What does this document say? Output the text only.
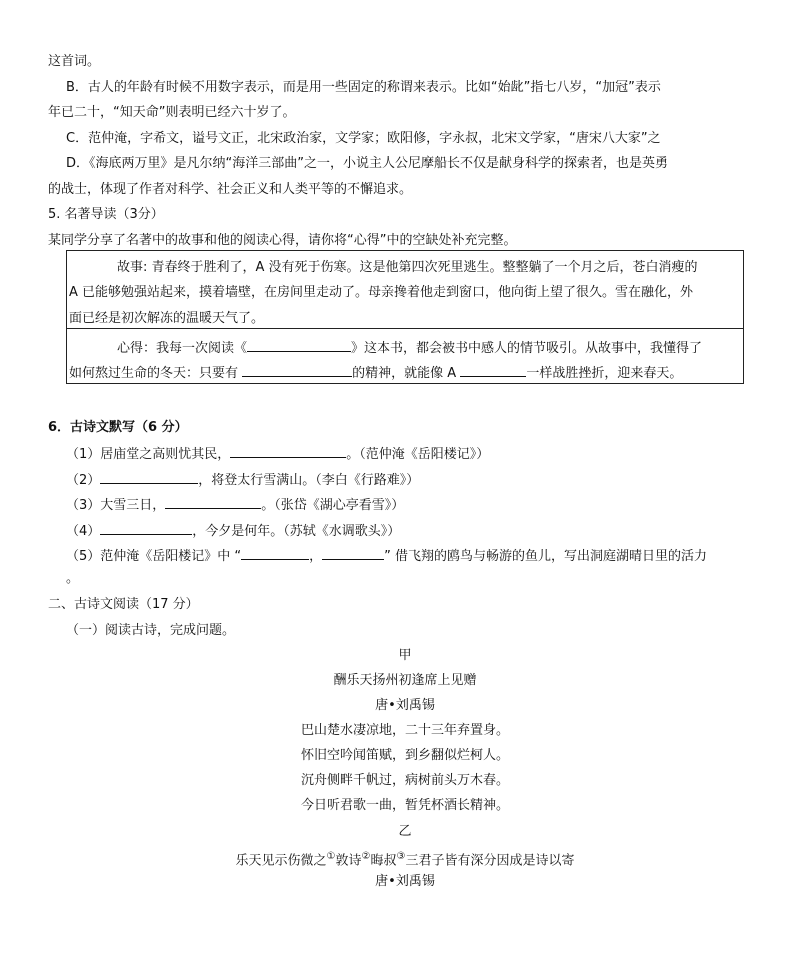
这首词。
B．古人的年龄有时候不用数字表示，而是用一些固定的称谓来表示。比如“始龀”指七八岁，“加冠”表示
年已二十，“知天命”则表明已经六十岁了。
C．范仲淹，字希文，谥号文正，北宋政治家，文学家；欧阳修，字永叔，北宋文学家，“唐宋八大家”之
D．《海底两万里》是凡尔纳“海洋三部曲”之一，小说主人公尼摩船长不仅是献身科学的探索者，也是英勇
的战士，体现了作者对科学、社会正义和人类平等的不懈追求。
5. 名著导读（3分）
某同学分享了名著中的故事和他的阅读心得，请你将“心得”中的空缺处补充完整。
故事: 青春终于胜利了，A 没有死于伤寒。这是他第四次死里逃生。整整躺了一个月之后，苍白消瘦的
A 已能够勉强站起来，摸着墙壁，在房间里走动了。母亲搀着他走到窗口，他向街上望了很久。雪在融化，外
面已经是初次解冻的温暖天气了。
心得：我每一次阅读《	》这本书，都会被书中感人的情节吸引。从故事中，我懂得了
如何熬过生命的冬天：只要有	的精神，就能像 A	一样战胜挫折，迎来春天。
6．古诗文默写（6 分）
（1）居庙堂之高则忧其民，	。（范仲淹《岳阳楼记》）
（2）	，将登太行雪满山。（李白《行路难》）
（3）大雪三日，	。（张岱《湖心亭看雪》）
（4）	，今夕是何年。（苏轼《水调歌头》）
（5）范仲淹《岳阳楼记》中 “	，	” 借飞翔的鸥鸟与畅游的鱼儿，写出洞庭湖晴日里的活力
。
二、古诗文阅读（17 分）
（一）阅读古诗，完成问题。
甲
酬乐天扬州初逢席上见赠
唐•刘禹锡
巴山楚水凄凉地，二十三年弃置身。
怀旧空吟闻笛赋，到乡翻似烂柯人。
沉舟侧畔千帆过，病树前头万木春。
今日听君歌一曲，暂凭杯酒长精神。
乙
乐天见示伤微之①敦诗②晦叔③三君子皆有深分因成是诗以寄
唐•刘禹锡
